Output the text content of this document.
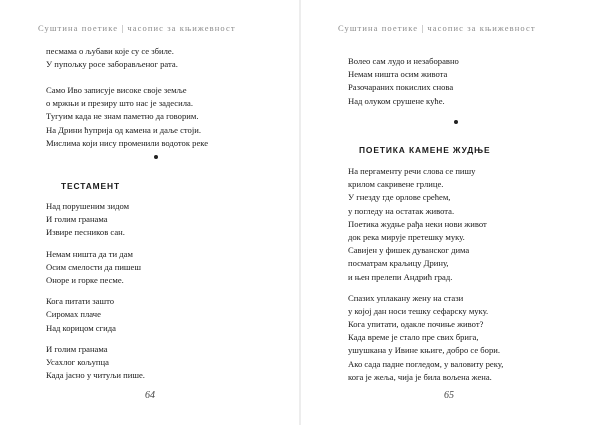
Суштина поетике | часопис за књижевност
песмама о љубави које су се збиле.
У пупољку росе заборављеног рата.
Само Иво записује високе своје земље
о мржњи и презиру што нас је задесила.
Тугуим када не знам паметно да говорим.
На Дрини ћуприја од камена и даље стоји.
Мислима који нису променили водоток реке
ТЕСТАМЕНТ
Над порушеним зидом
И голим гранама
Извире песников сан.
Немам ништа да ти дам
Осим смелости да пишеш
Оноре и горке песме.
Кога питати зашто
Сиромах плаче
Над корицом сгида
И голим гранама
Усахлог кољупца
Када јасно у читуљи пише.
64
Суштина поетике | часопис за књижевност
Волео сам лудо и незаборавно
Немам ништа осим живота
Разочараних покислих снова
Над олуком срушене куће.
ПОЕТИКА КАМЕНЕ ЖУДЊЕ
На пергаменту речи слова се пишу
крилом сакривене грлице.
У гнезду где орлове срећем,
у погледу на остатак живота.
Поетика жудње рађа неки нови живот
док река мирује претешку муку.
Савијен у фишек дуванског дима
посматрам краљицу Дрину,
и њен прелепи Андрић град.
Спазих уплакану жену на стази
у којој дан носи тешку сефарску муку.
Кога упитати, одакле почиње живот?
Када време је стало пре свих брига,
ушушкана у Ивине књиге, добро се бори.
Ако сада падне погледом, у валовиту реку,
кога је жеља, чија је била вољена жена.
65
